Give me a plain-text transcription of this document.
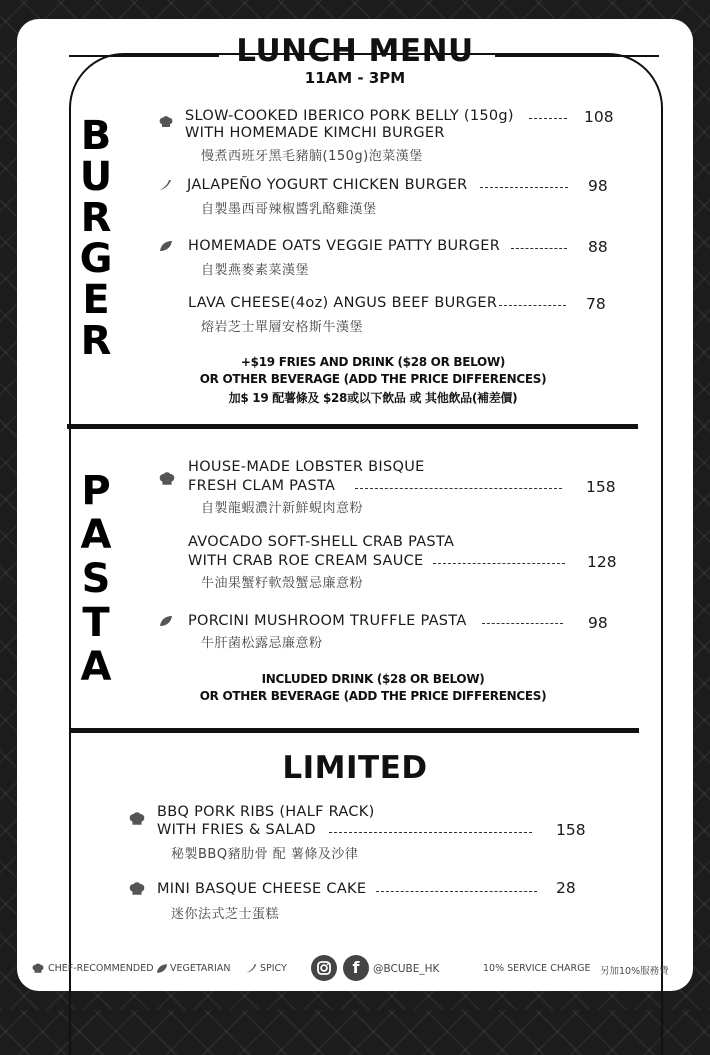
LUNCH MENU
11AM - 3PM
B
U
R
G
E
R
SLOW-COOKED IBERICO PORK BELLY (150g)	108
WITH HOMEMADE KIMCHI BURGER
慢煮西班牙黑毛豬腩(150g)泡菜漢堡
JALAPEÑO YOGURT CHICKEN BURGER	98
自製墨西哥辣椒醬乳酪雞漢堡
HOMEMADE OATS VEGGIE PATTY BURGER	88
自製燕麥素菜漢堡
LAVA CHEESE(4oz) ANGUS BEEF BURGER	78
熔岩芝士單層安格斯牛漢堡
+$19 FRIES AND DRINK ($28 OR BELOW)
OR OTHER BEVERAGE (ADD THE PRICE DIFFERENCES)
加$ 19 配薯條及 $28或以下飲品 或 其他飲品(補差價)
P
A
S
T
A
HOUSE-MADE LOBSTER BISQUE
FRESH CLAM PASTA	158
自製龍蝦濃汁新鮮蜆肉意粉
AVOCADO SOFT-SHELL CRAB PASTA
WITH CRAB ROE CREAM SAUCE	128
牛油果蟹籽軟殼蟹忌廉意粉
PORCINI MUSHROOM TRUFFLE PASTA	98
牛肝菌松露忌廉意粉
INCLUDED DRINK ($28 OR BELOW)
OR OTHER BEVERAGE (ADD THE PRICE DIFFERENCES)
LIMITED
BBQ PORK RIBS (HALF RACK)
WITH FRIES & SALAD	158
秘製BBQ豬肋骨 配 薯條及沙律
MINI BASQUE CHEESE CAKE	28
迷你法式芝士蛋糕
CHEF-RECOMMENDED VEGETARIAN	SPICY	f	@BCUBE_HK	10% SERVICE CHARGE 另加10%服務費
